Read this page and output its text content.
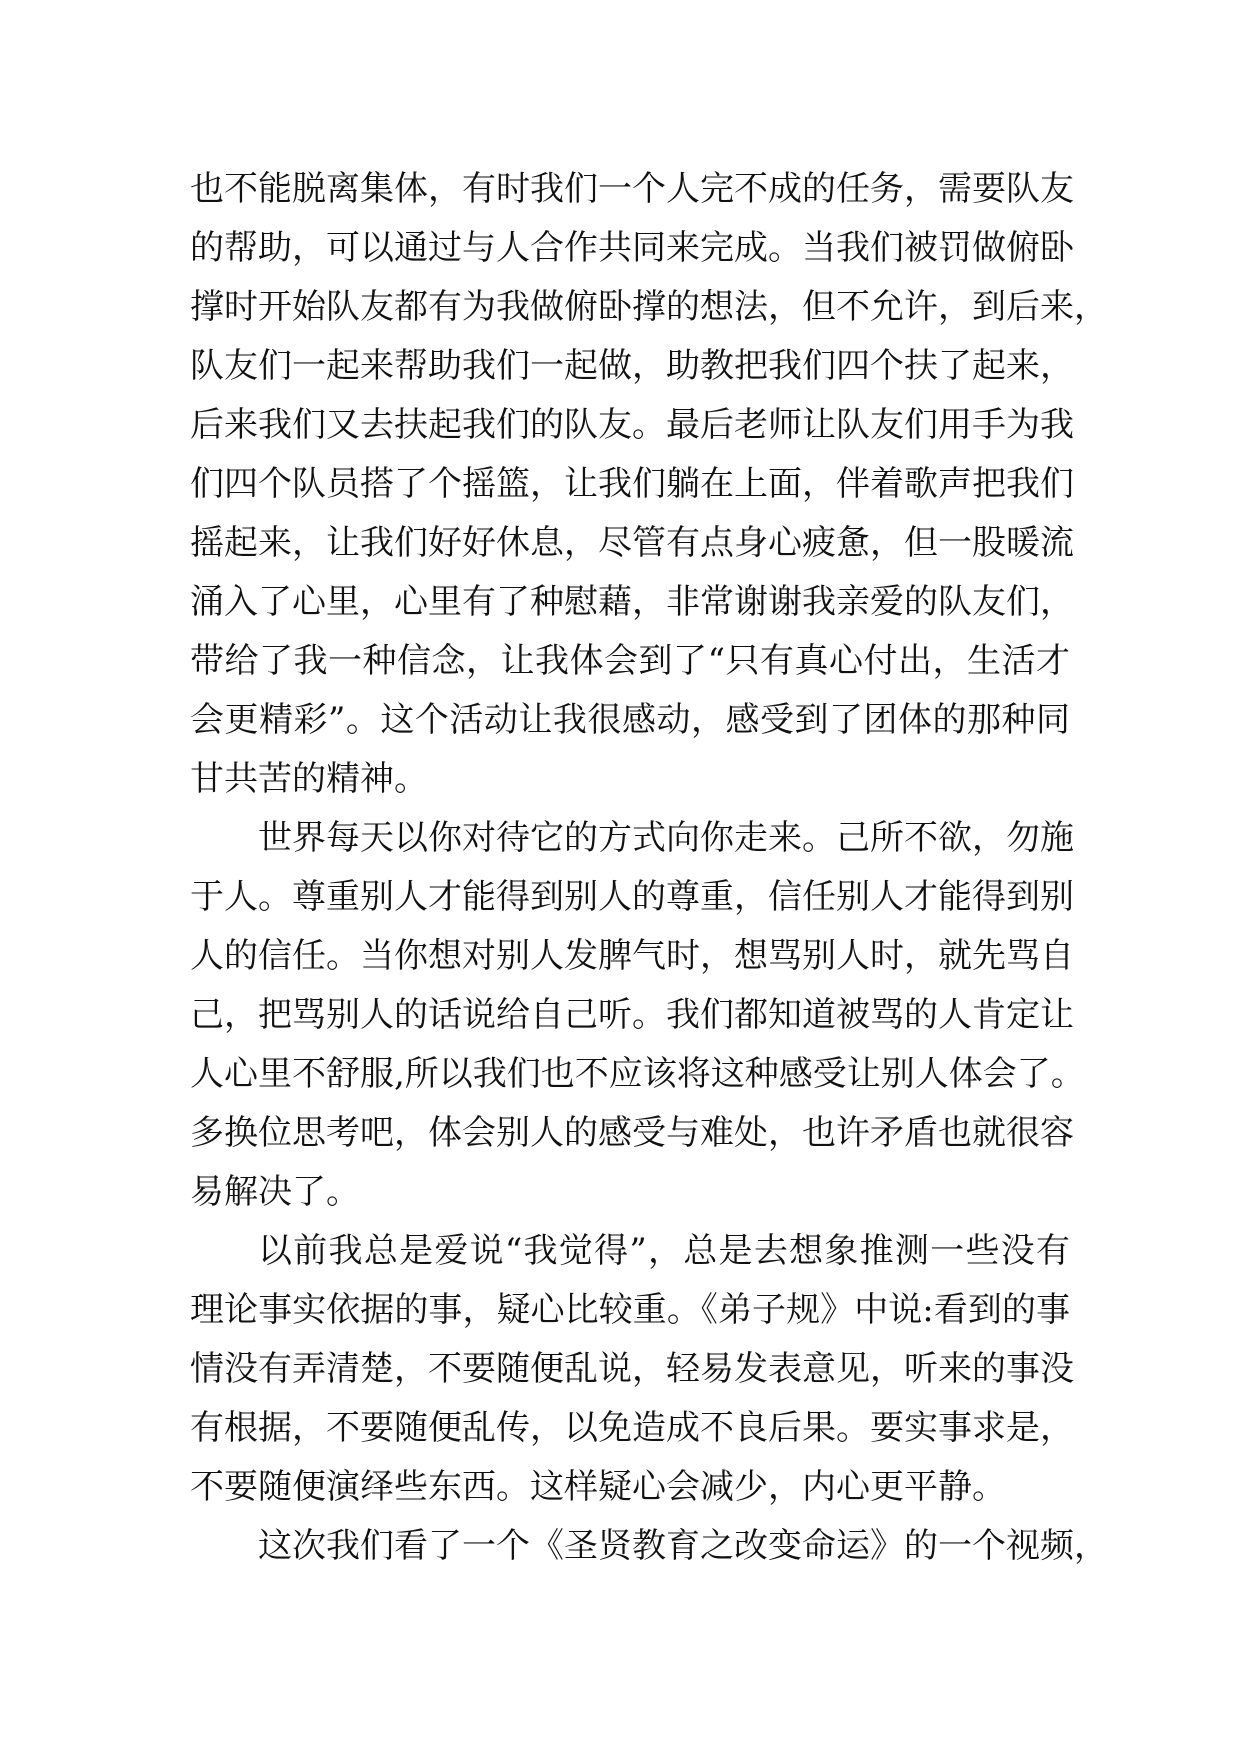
也不能脱离集体，有时我们一个人完不成的任务，需要队友
的帮助，可以通过与人合作共同来完成。当我们被罚做俯卧
撑时开始队友都有为我做俯卧撑的想法，但不允许，到后来，
队友们一起来帮助我们一起做，助教把我们四个扶了起来，
后来我们又去扶起我们的队友。最后老师让队友们用手为我
们四个队员搭了个摇篮，让我们躺在上面，伴着歌声把我们
摇起来，让我们好好休息，尽管有点身心疲惫，但一股暖流
涌入了心里，心里有了种慰藉，非常谢谢我亲爱的队友们，
带给了我一种信念，让我体会到了“只有真心付出，生活才
会更精彩”。这个活动让我很感动，感受到了团体的那种同
甘共苦的精神。
世界每天以你对待它的方式向你走来。己所不欲，勿施
于人。尊重别人才能得到别人的尊重，信任别人才能得到别
人的信任。当你想对别人发脾气时，想骂别人时，就先骂自
己，把骂别人的话说给自己听。我们都知道被骂的人肯定让
人心里不舒服,所以我们也不应该将这种感受让别人体会了。
多换位思考吧，体会别人的感受与难处，也许矛盾也就很容
易解决了。
以前我总是爱说“我觉得”，总是去想象推测一些没有
理论事实依据的事，疑心比较重。《弟子规》中说:看到的事
情没有弄清楚，不要随便乱说，轻易发表意见，听来的事没
有根据，不要随便乱传，以免造成不良后果。要实事求是，
不要随便演绎些东西。这样疑心会减少，内心更平静。
这次我们看了一个《圣贤教育之改变命运》的一个视频，
